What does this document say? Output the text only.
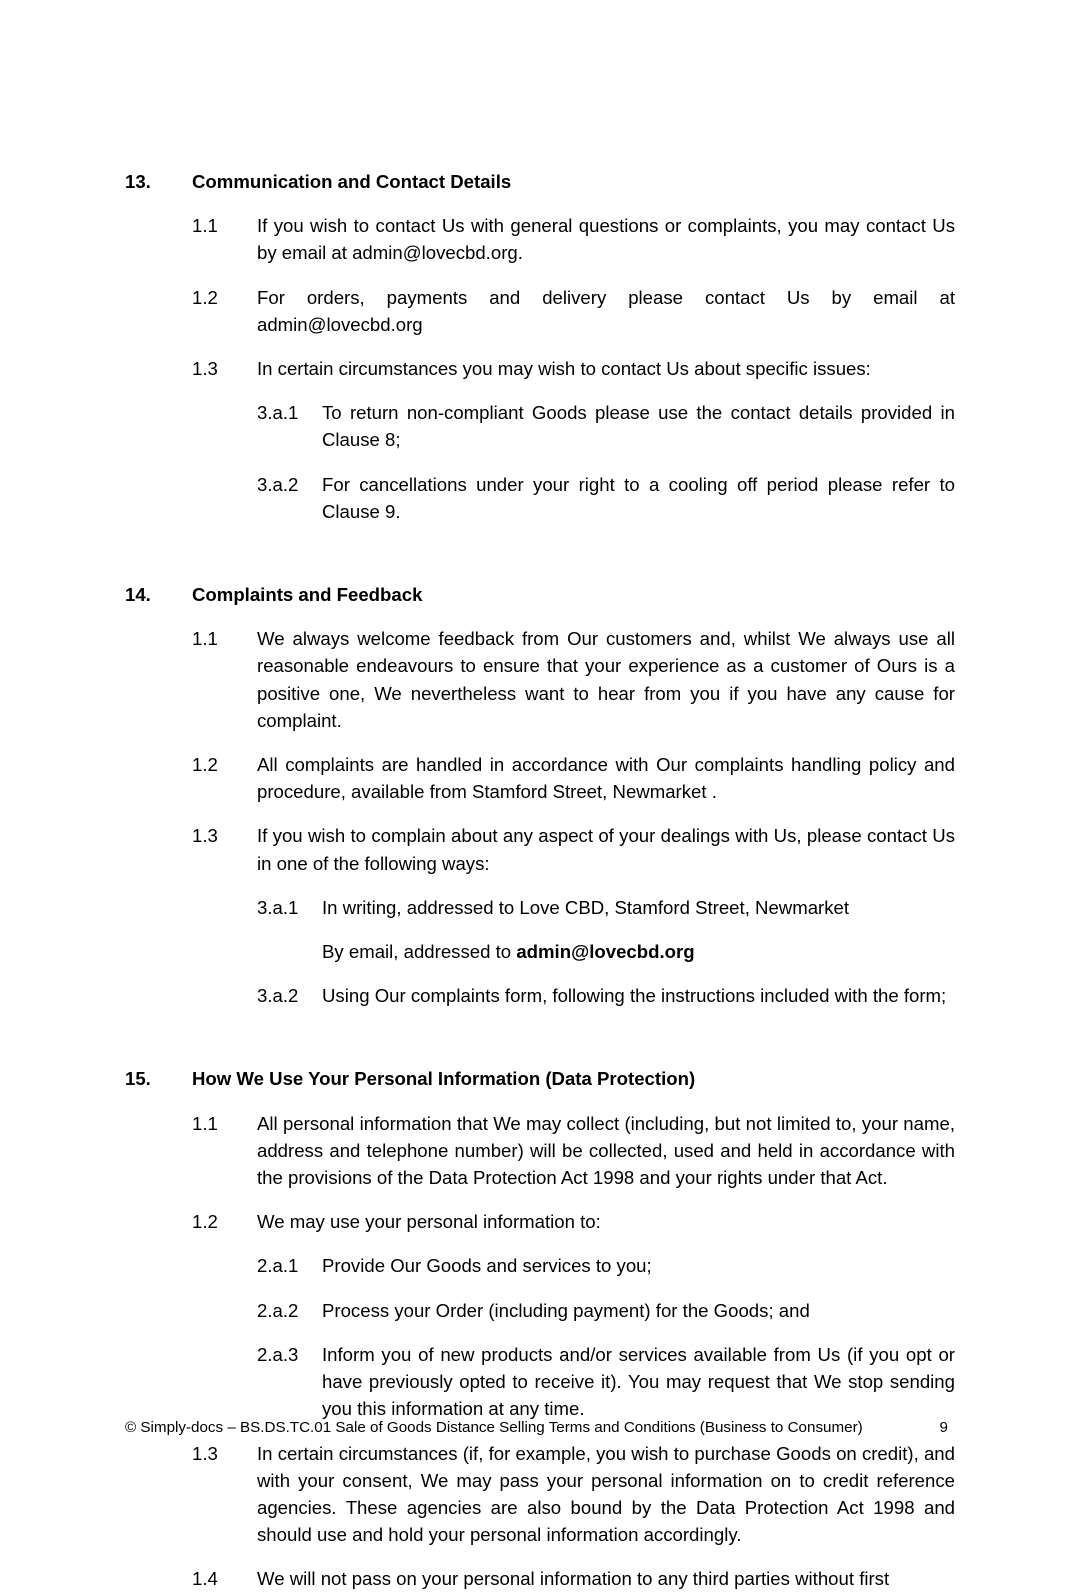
13.	Communication and Contact Details
1.1	If you wish to contact Us with general questions or complaints, you may contact Us by email at admin@lovecbd.org.
1.2	For orders, payments and delivery please contact Us by email at admin@lovecbd.org
1.3	In certain circumstances you may wish to contact Us about specific issues:
3.a.1	To return non-compliant Goods please use the contact details provided in Clause 8;
3.a.2	For cancellations under your right to a cooling off period please refer to Clause 9.
14.	Complaints and Feedback
1.1	We always welcome feedback from Our customers and, whilst We always use all reasonable endeavours to ensure that your experience as a customer of Ours is a positive one, We nevertheless want to hear from you if you have any cause for complaint.
1.2	All complaints are handled in accordance with Our complaints handling policy and procedure, available from Stamford Street, Newmarket .
1.3	If you wish to complain about any aspect of your dealings with Us, please contact Us in one of the following ways:
3.a.1	In writing, addressed to Love CBD, Stamford Street, Newmarket
By email, addressed to admin@lovecbd.org
3.a.2	Using Our complaints form, following the instructions included with the form;
15.	How We Use Your Personal Information (Data Protection)
1.1	All personal information that We may collect (including, but not limited to, your name, address and telephone number) will be collected, used and held in accordance with the provisions of the Data Protection Act 1998 and your rights under that Act.
1.2	We may use your personal information to:
2.a.1	Provide Our Goods and services to you;
2.a.2	Process your Order (including payment) for the Goods; and
2.a.3	Inform you of new products and/or services available from Us (if you opt or have previously opted to receive it). You may request that We stop sending you this information at any time.
1.3	In certain circumstances (if, for example, you wish to purchase Goods on credit), and with your consent, We may pass your personal information on to credit reference agencies. These agencies are also bound by the Data Protection Act 1998 and should use and hold your personal information accordingly.
1.4	We will not pass on your personal information to any third parties without first
© Simply-docs – BS.DS.TC.01 Sale of Goods Distance Selling Terms and Conditions (Business to Consumer)	9
